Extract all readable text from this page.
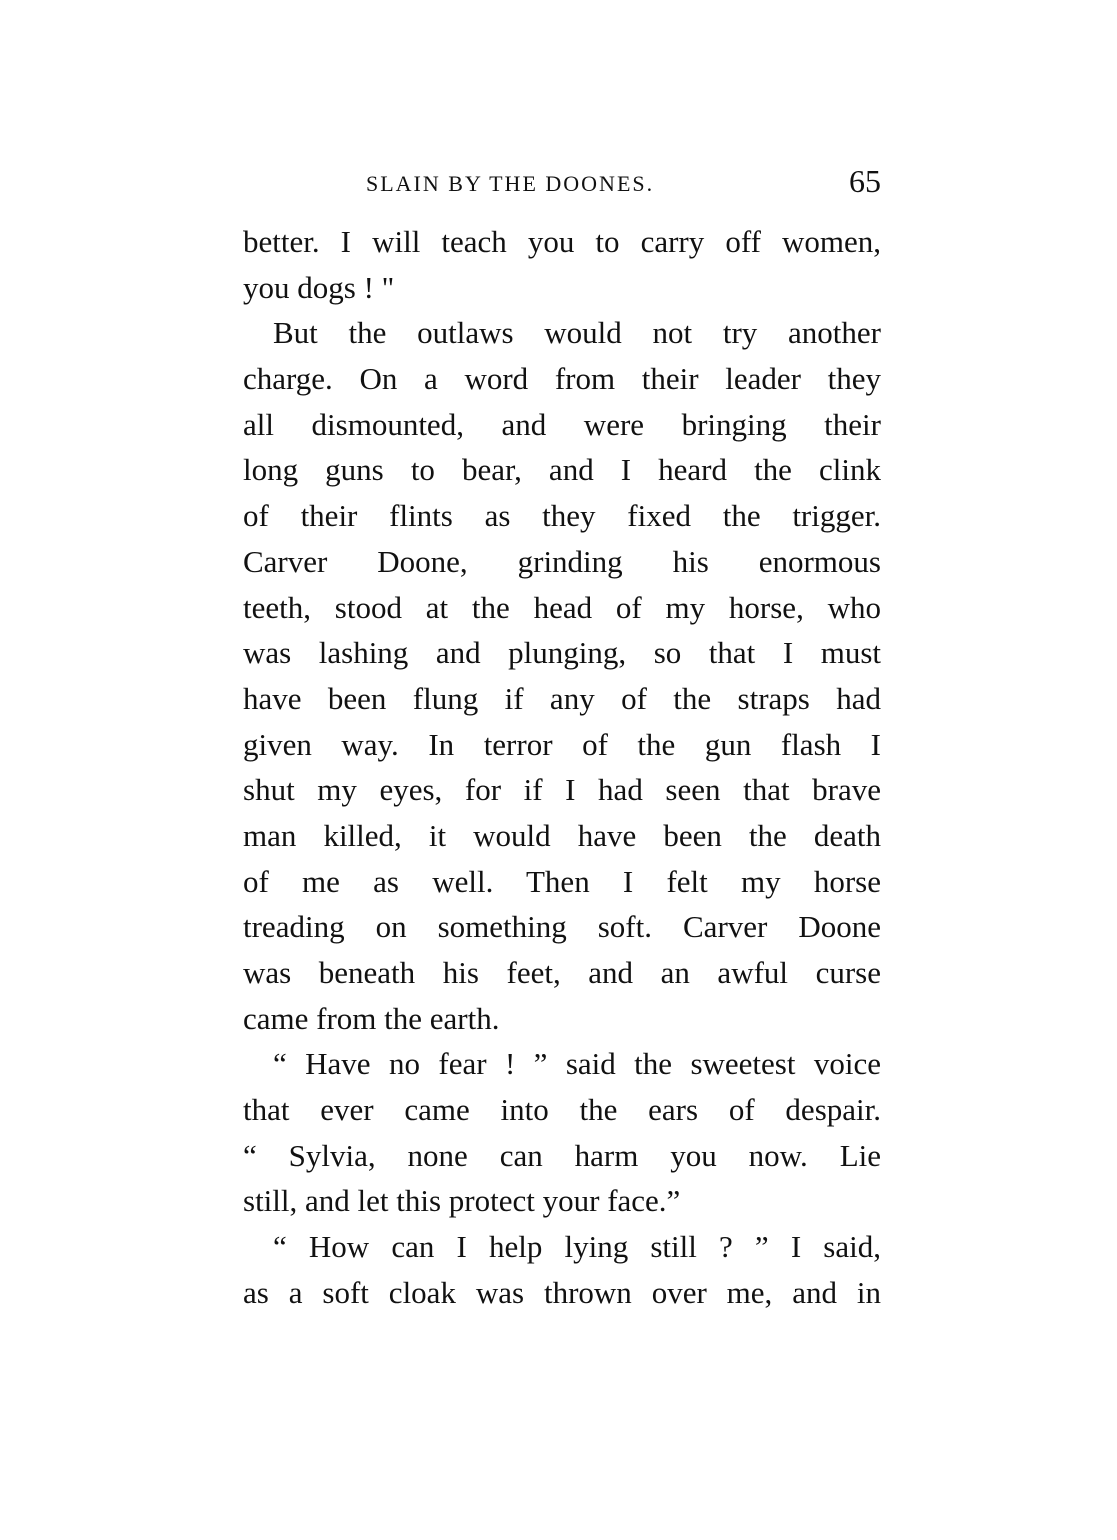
SLAIN BY THE DOONES.	65
better. I will teach you to carry off women,
you dogs ! "
But the outlaws would not try another
charge. On a word from their leader they
all dismounted, and were bringing their
long guns to bear, and I heard the clink
of their flints as they fixed the trigger.
Carver Doone, grinding his enormous
teeth, stood at the head of my horse, who
was lashing and plunging, so that I must
have been flung if any of the straps had
given way. In terror of the gun flash I
shut my eyes, for if I had seen that brave
man killed, it would have been the death
of me as well. Then I felt my horse
treading on something soft. Carver Doone
was beneath his feet, and an awful curse
came from the earth.
“ Have no fear ! ” said the sweetest voice
that ever came into the ears of despair.
“ Sylvia, none can harm you now. Lie
still, and let this protect your face.”
“ How can I help lying still ? ” I said,
as a soft cloak was thrown over me, and in
